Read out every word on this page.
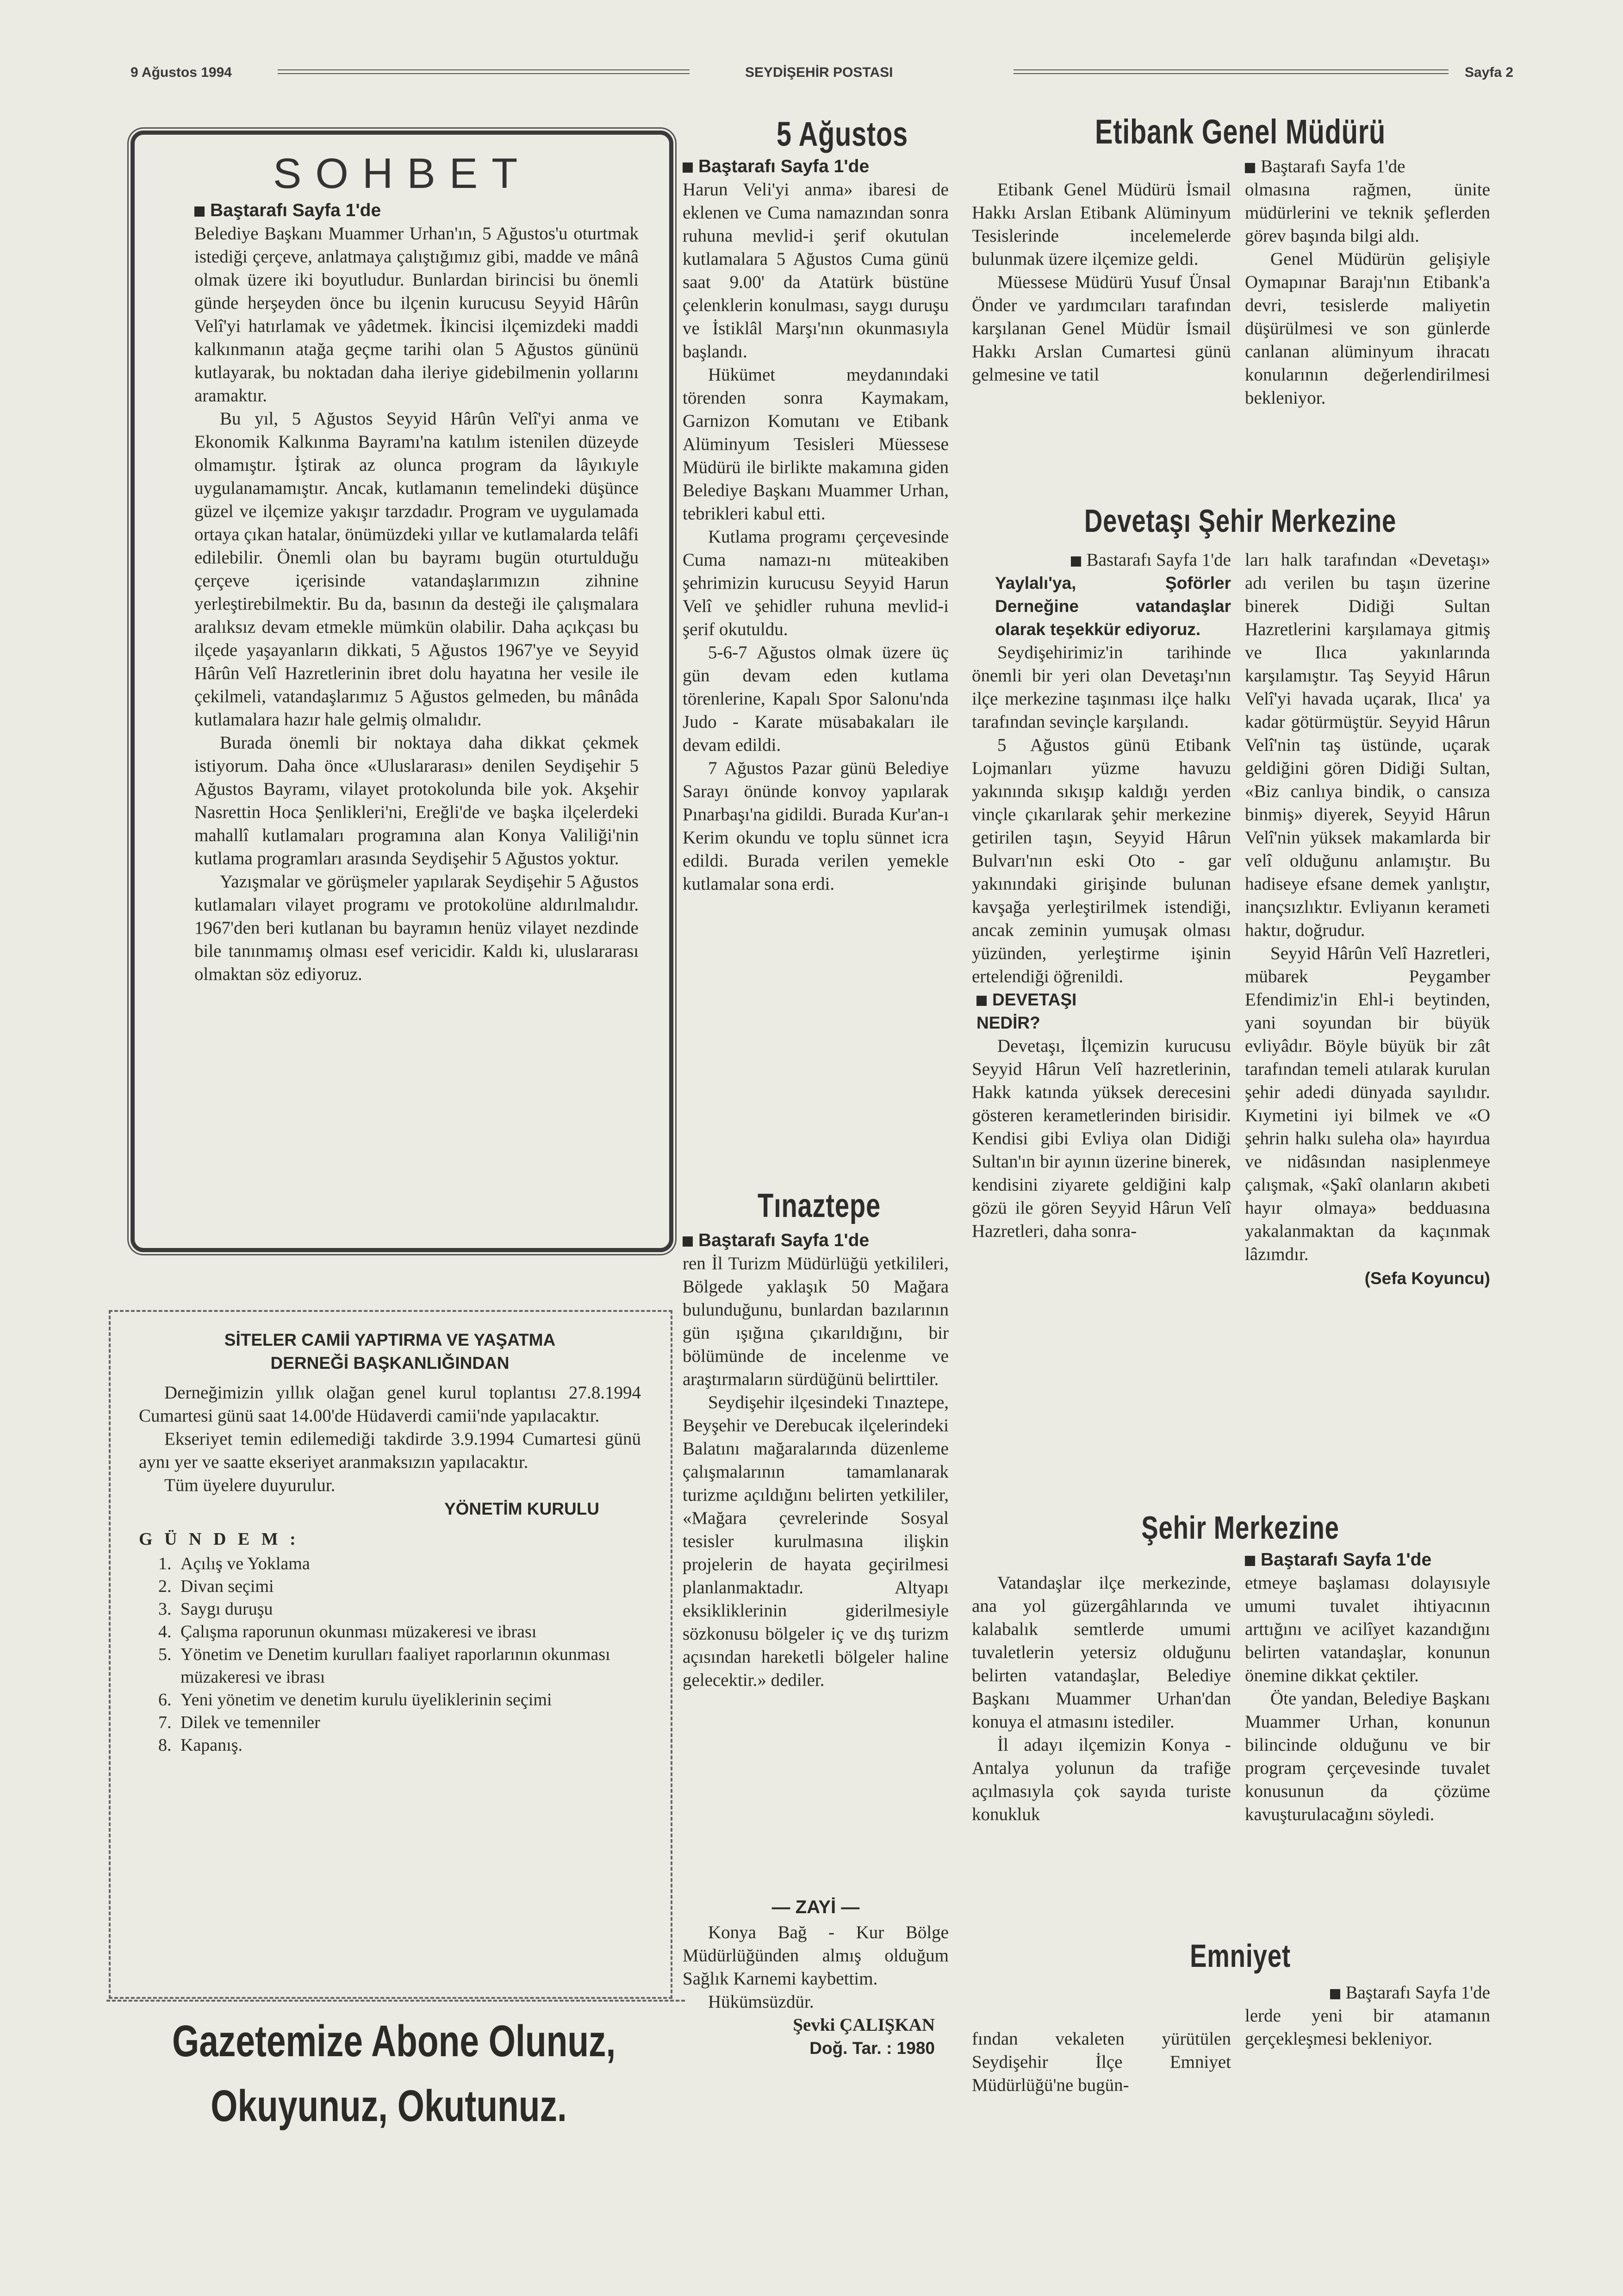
9 Ağustos 1994	SEYDİŞEHİR POSTASI	Sayfa 2
SOHBET

Baştarafı Sayfa 1'de

Belediye Başkanı Muammer Urhan'ın, 5 Ağustos'u oturtmak istediği çerçeve, anlatmaya çalıştığımız gibi, madde ve mânâ olmak üzere iki boyutludur. Bunlardan birincisi bu önemli günde herşeyden önce bu ilçenin kurucusu Seyyid Hârûn Velî'yi hatırlamak ve yâdetmek. İkincisi ilçemizdeki maddi kalkınmanın atağa geçme tarihi olan 5 Ağustos gününü kutlayarak, bu noktadan daha ileriye gidebilmenin yollarını aramaktır.

Bu yıl, 5 Ağustos Seyyid Hârûn Velî'yi anma ve Ekonomik Kalkınma Bayramı'na katılım istenilen düzeyde olmamıştır. İştirak az olunca program da lâyıkıyle uygulanamamıştır. Ancak, kutlamanın temelindeki düşünce güzel ve ilçemize yakışır tarzdadır. Program ve uygulamada ortaya çıkan hatalar, önümüzdeki yıllar ve kutlamalarda telâfi edilebilir. Önemli olan bu bayramı bugün oturtulduğu çerçeve içerisinde vatandaşlarımızın zihnine yerleştirebilmektir. Bu da, basının da desteği ile çalışmalara aralıksız devam etmekle mümkün olabilir. Daha açıkçası bu ilçede yaşayanların dikkati, 5 Ağustos 1967'ye ve Seyyid Hârûn Velî Hazretlerinin ibret dolu hayatına her vesile ile çekilmeli, vatandaşlarımız 5 Ağustos gelmeden, bu mânâda kutlamalara hazır hale gelmiş olmalıdır.

Burada önemli bir noktaya daha dikkat çekmek istiyorum. Daha önce «Uluslararası» denilen Seydişehir 5 Ağustos Bayramı, vilayet protokolunda bile yok. Akşehir Nasrettin Hoca Şenlikleri'ni, Ereğli'de ve başka ilçelerdeki mahallî kutlamaları programına alan Konya Valiliği'nin kutlama programları arasında Seydişehir 5 Ağustos yoktur.

Yazışmalar ve görüşmeler yapılarak Seydişehir 5 Ağustos kutlamaları vilayet programı ve protokolüne aldırılmalıdır. 1967'den beri kutlanan bu bayramın henüz vilayet nezdinde bile tanınmamış olması esef vericidir. Kaldı ki, uluslararası olmaktan söz ediyoruz.

SİTELER CAMİİ YAPTIRMA VE YAŞATMA
DERNEĞİ BAŞKANLIĞINDAN

Derneğimizin yıllık olağan genel kurul toplantısı 27.8.1994 Cumartesi günü saat 14.00'de Hüdaverdi camii'nde yapılacaktır.

Ekseriyet temin edilemediği takdirde 3.9.1994 Cumartesi günü aynı yer ve saatte ekseriyet aranmaksızın yapılacaktır.

Tüm üyelere duyurulur.

YÖNETİM KURULU
G Ü N D E M :
1. Açılış ve Yoklama
2. Divan seçimi
3. Saygı duruşu
4. Çalışma raporunun okunması müzakeresi ve ibrası
5. Yönetim ve Denetim kurulları faaliyet raporlarının okunması müzakeresi ve ibrası
6. Yeni yönetim ve denetim kurulu üyeliklerinin seçimi
7. Dilek ve temenniler
8. Kapanış.
Gazetemize Abone Olunuz,
Okuyunuz, Okutunuz.
5 Ağustos

Baştarafı Sayfa 1'de

Harun Veli'yi anma» ibaresi de eklenen ve Cuma namazından sonra ruhuna mevlid-i şerif okutulan kutlamalara 5 Ağustos Cuma günü saat 9.00' da Atatürk büstüne çelenklerin konulması, saygı duruşu ve İstiklâl Marşı'nın okunmasıyla başlandı.

Hükümet meydanındaki törenden sonra Kaymakam, Garnizon Komutanı ve Etibank Alüminyum Tesisleri Müessese Müdürü ile birlikte makamına giden Belediye Başkanı Muammer Urhan, tebrikleri kabul etti.

Kutlama programı çerçevesinde Cuma namazı-nı müteakiben şehrimizin kurucusu Seyyid Harun Velî ve şehidler ruhuna mevlid-i şerif okutuldu.

5-6-7 Ağustos olmak üzere üç gün devam eden kutlama törenlerine, Kapalı Spor Salonu'nda Judo - Karate müsabakaları ile devam edildi.

7 Ağustos Pazar günü Belediye Sarayı önünde konvoy yapılarak Pınarbaşı'na gidildi. Burada Kur'an-ı Kerim okundu ve toplu sünnet icra edildi. Burada verilen yemekle kutlamalar sona erdi.

Tınaztepe

Baştarafı Sayfa 1'de

ren İl Turizm Müdürlüğü yetkilileri, Bölgede yaklaşık 50 Mağara bulunduğunu, bunlardan bazılarının gün ışığına çıkarıldığını, bir bölümünde de incelenme ve araştırmaların sürdüğünü belirttiler.

Seydişehir ilçesindeki Tınaztepe, Beyşehir ve Derebucak ilçelerindeki Balatını mağaralarında düzenleme çalışmalarının tamamlanarak turizme açıldığını belirten yetkililer, «Mağara çevrelerinde Sosyal tesisler kurulmasına ilişkin projelerin de hayata geçirilmesi planlanmaktadır. Altyapı eksikliklerinin giderilmesiyle sözkonusu bölgeler iç ve dış turizm açısından hareketli bölgeler haline gelecektir.» dediler.

— ZAYİ —

Konya Bağ - Kur Bölge Müdürlüğünden almış olduğum Sağlık Karnemi kaybettim.

Hükümsüzdür.

Şevki ÇALIŞKAN
Doğ. Tar. : 1980
Etibank Genel Müdürü

Etibank Genel Müdürü İsmail Hakkı Arslan Etibank Alüminyum Tesislerinde incelemelerde bulunmak üzere ilçemize geldi.

Müessese Müdürü Yusuf Ünsal Önder ve yardımcıları tarafından karşılanan Genel Müdür İsmail Hakkı Arslan Cumartesi günü gelmesine ve tatil

Baştarafı Sayfa 1'de

olmasına rağmen, ünite müdürlerini ve teknik şeflerden görev başında bilgi aldı.

Genel Müdürün gelişiyle Oymapınar Barajı'nın Etibank'a devri, tesislerde maliyetin düşürülmesi ve son günlerde canlanan alüminyum ihracatı konularının değerlendirilmesi bekleniyor.

Devetaşı Şehir Merkezine

Bastarafı Sayfa 1'de

Yaylalı'ya, Şoförler Derneğine vatandaşlar olarak teşekkür ediyoruz.

Seydişehirimiz'in tarihinde önemli bir yeri olan Devetaşı'nın ilçe merkezine taşınması ilçe halkı tarafından sevinçle karşılandı.

5 Ağustos günü Etibank Lojmanları yüzme havuzu yakınında sıkışıp kaldığı yerden vinçle çıkarılarak şehir merkezine getirilen taşın, Seyyid Hârun Bulvarı'nın eski Oto - gar yakınındaki girişinde bulunan kavşağa yerleştirilmek istendiği, ancak zeminin yumuşak olması yüzünden, yerleştirme işinin ertelendiği öğrenildi.

DEVETAŞI NEDİR?

Devetaşı, İlçemizin kurucusu Seyyid Hârun Velî hazretlerinin, Hakk katında yüksek derecesini gösteren kerametlerinden birisidir. Kendisi gibi Evliya olan Didiği Sultan'ın bir ayının üzerine binerek, kendisini ziyarete geldiğini kalp gözü ile gören Seyyid Hârun Velî Hazretleri, daha sonra-

ları halk tarafından «Devetaşı» adı verilen bu taşın üzerine binerek Didiği Sultan Hazretlerini karşılamaya gitmiş ve Ilıca yakınlarında karşılamıştır. Taş Seyyid Hârun Velî'yi havada uçarak, Ilıca' ya kadar götürmüştür. Seyyid Hârun Velî'nin taş üstünde, uçarak geldiğini gören Didiği Sultan, «Biz canlıya bindik, o cansıza binmiş» diyerek, Seyyid Hârun Velî'nin yüksek makamlarda bir velî olduğunu anlamıştır. Bu hadiseye efsane demek yanlıştır, inançsızlıktır. Evliyanın kerameti haktır, doğrudur.

Seyyid Hârûn Velî Hazretleri, mübarek Peygamber Efendimiz'in Ehl-i beytinden, yani soyundan bir büyük evliyâdır. Böyle büyük bir zât tarafından temeli atılarak kurulan şehir adedi dünyada sayılıdır. Kıymetini iyi bilmek ve «O şehrin halkı suleha ola» hayırdua ve nidâsından nasiplenmeye çalışmak, «Şakî olanların akıbeti hayır olmaya» bedduasına yakalanmaktan da kaçınmak lâzımdır.

(Sefa Koyuncu)
Şehir Merkezine

Vatandaşlar ilçe merkezinde, ana yol güzergâhlarında ve kalabalık semtlerde umumi tuvaletlerin yetersiz olduğunu belirten vatandaşlar, Belediye Başkanı Muammer Urhan'dan konuya el atmasını istediler.

İl adayı ilçemizin Konya - Antalya yolunun da trafiğe açılmasıyla çok sayıda turiste konukluk

Baştarafı Sayfa 1'de

etmeye başlaması dolayısıyle umumi tuvalet ihtiyacının arttığını ve acilîyet kazandığını belirten vatandaşlar, konunun önemine dikkat çektiler.

Öte yandan, Belediye Başkanı Muammer Urhan, konunun bilincinde olduğunu ve bir program çerçevesinde tuvalet konusunun da çözüme kavuşturulacağını söyledi.

Emniyet

fından vekaleten yürütülen Seydişehir İlçe Emniyet Müdürlüğü'ne bugün-

Baştarafı Sayfa 1'de

lerde yeni bir atamanın gerçekleşmesi bekleniyor.
